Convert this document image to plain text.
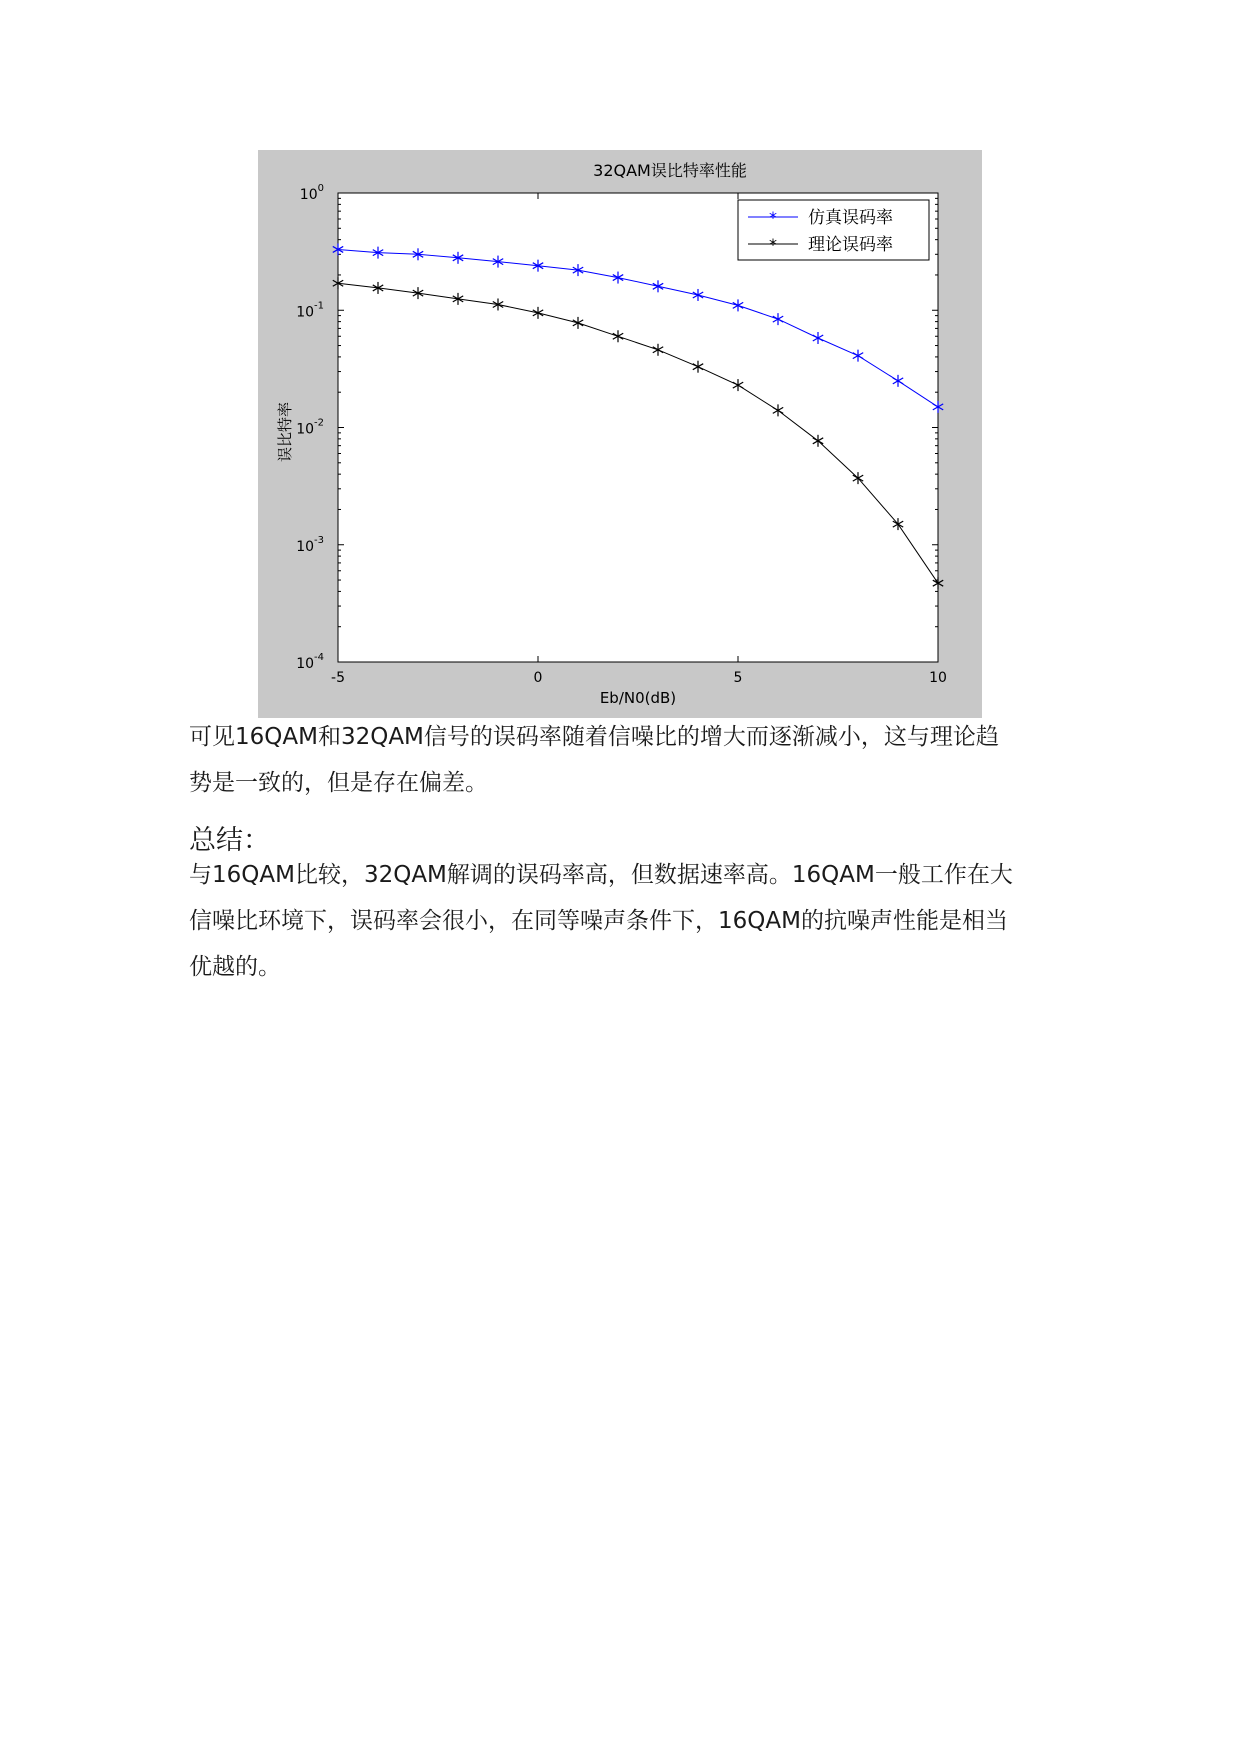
32QAM误比特率性能
$10^0$
$10^{-1}$
$10^{-2}$
$10^{-3}$
$10^{-4}$
-5	0	5	10
Eb/N0(dB)
误比特率
* 仿真误码率
* 理论误码率

可见16QAM和32QAM信号的误码率随着信噪比的增大而逐渐减小，这与理论趋

势是一致的，但是存在偏差。

总结：

与16QAM比较，32QAM解调的误码率高，但数据速率高。16QAM一般工作在大

信噪比环境下，误码率会很小，在同等噪声条件下，16QAM的抗噪声性能是相当

优越的。
